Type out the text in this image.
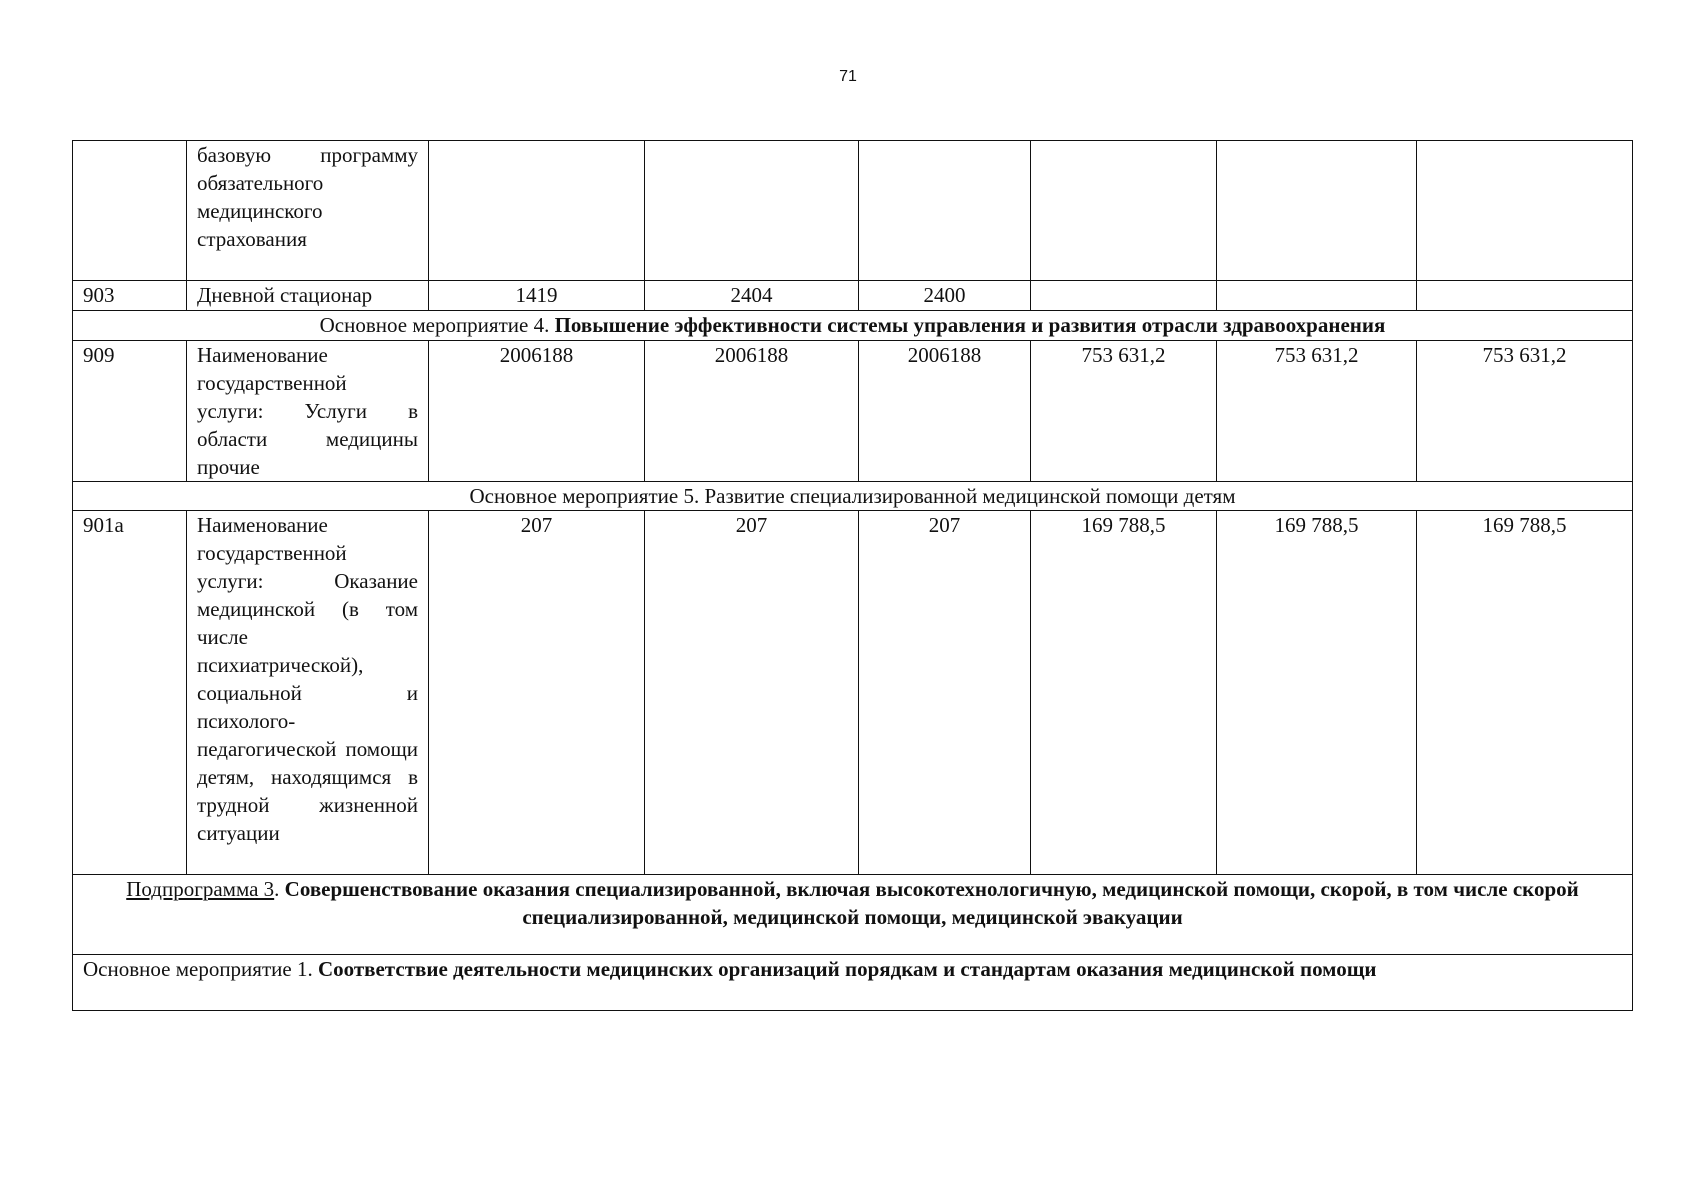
71
	базовую программу обязательного медицинского страхования						
903	Дневной стационар	1419	2404	2400			
Основное мероприятие 4. Повышение эффективности системы управления и развития отрасли здравоохранения							
909	Наименование государственной услуги: Услуги в области медицины прочие	2006188	2006188	2006188	753 631,2	753 631,2	753 631,2
Основное мероприятие 5. Развитие специализированной медицинской помощи детям							
901а	Наименование государственной услуги: Оказание медицинской (в том числе психиатрической), социальной и психолого-педагогической помощи детям, находящимся в трудной жизненной ситуации	207	207	207	169 788,5	169 788,5	169 788,5
Подпрограмма 3. Совершенствование оказания специализированной, включая высокотехнологичную, медицинской помощи, скорой, в том числе скорой специализированной, медицинской помощи, медицинской эвакуации							
Основное мероприятие 1. Соответствие деятельности медицинских организаций порядкам и стандартам оказания медицинской помощи							
